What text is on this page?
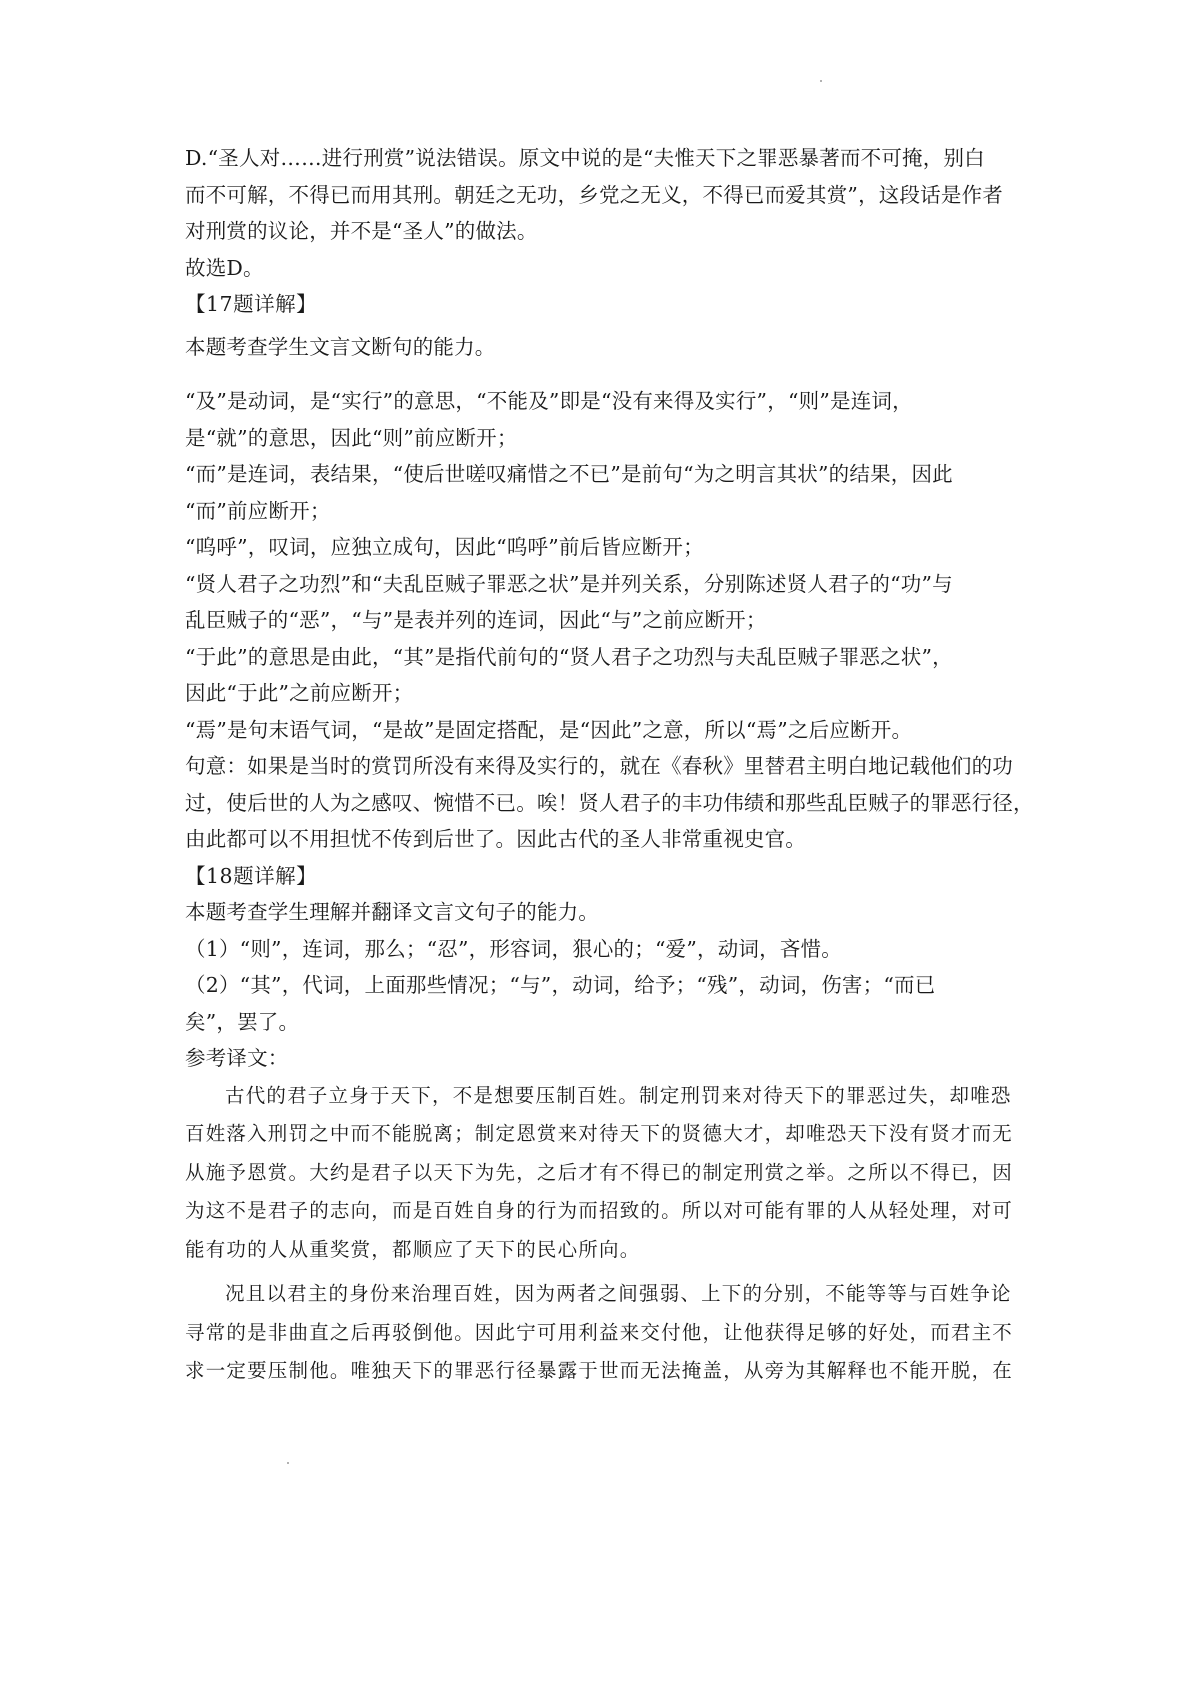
D.“圣人对……进行刑赏”说法错误。原文中说的是“夫惟天下之罪恶暴著而不可掩，别白
而不可解，不得已而用其刑。朝廷之无功，乡党之无义，不得已而爱其赏”，这段话是作者
对刑赏的议论，并不是“圣人”的做法。
故选D。
【17题详解】
本题考查学生文言文断句的能力。
“及”是动词，是“实行”的意思，“不能及”即是“没有来得及实行”，“则”是连词，
是“就”的意思，因此“则”前应断开；
“而”是连词，表结果，“使后世嗟叹痛惜之不已”是前句“为之明言其状”的结果，因此
“而”前应断开；
“呜呼”，叹词，应独立成句，因此“呜呼”前后皆应断开；
“贤人君子之功烈”和“夫乱臣贼子罪恶之状”是并列关系，分别陈述贤人君子的“功”与
乱臣贼子的“恶”，“与”是表并列的连词，因此“与”之前应断开；
“于此”的意思是由此，“其”是指代前句的“贤人君子之功烈与夫乱臣贼子罪恶之状”，
因此“于此”之前应断开；
“焉”是句末语气词，“是故”是固定搭配，是“因此”之意，所以“焉”之后应断开。
句意：如果是当时的赏罚所没有来得及实行的，就在《春秋》里替君主明白地记载他们的功
过，使后世的人为之感叹、惋惜不已。唉！贤人君子的丰功伟绩和那些乱臣贼子的罪恶行径，
由此都可以不用担忧不传到后世了。因此古代的圣人非常重视史官。
【18题详解】
本题考查学生理解并翻译文言文句子的能力。
（1）“则”，连词，那么；“忍”，形容词，狠心的；“爱”，动词，吝惜。
（2）“其”，代词，上面那些情况；“与”，动词，给予；“残”，动词，伤害；“而已
矣”，罢了。
参考译文：
古代的君子立身于天下，不是想要压制百姓。制定刑罚来对待天下的罪恶过失，却唯恐
百姓落入刑罚之中而不能脱离；制定恩赏来对待天下的贤德大才，却唯恐天下没有贤才而无
从施予恩赏。大约是君子以天下为先，之后才有不得已的制定刑赏之举。之所以不得已，因
为这不是君子的志向，而是百姓自身的行为而招致的。所以对可能有罪的人从轻处理，对可
能有功的人从重奖赏，都顺应了天下的民心所向。
况且以君主的身份来治理百姓，因为两者之间强弱、上下的分别，不能等等与百姓争论
寻常的是非曲直之后再驳倒他。因此宁可用利益来交付他，让他获得足够的好处，而君主不
求一定要压制他。唯独天下的罪恶行径暴露于世而无法掩盖，从旁为其解释也不能开脱，在
